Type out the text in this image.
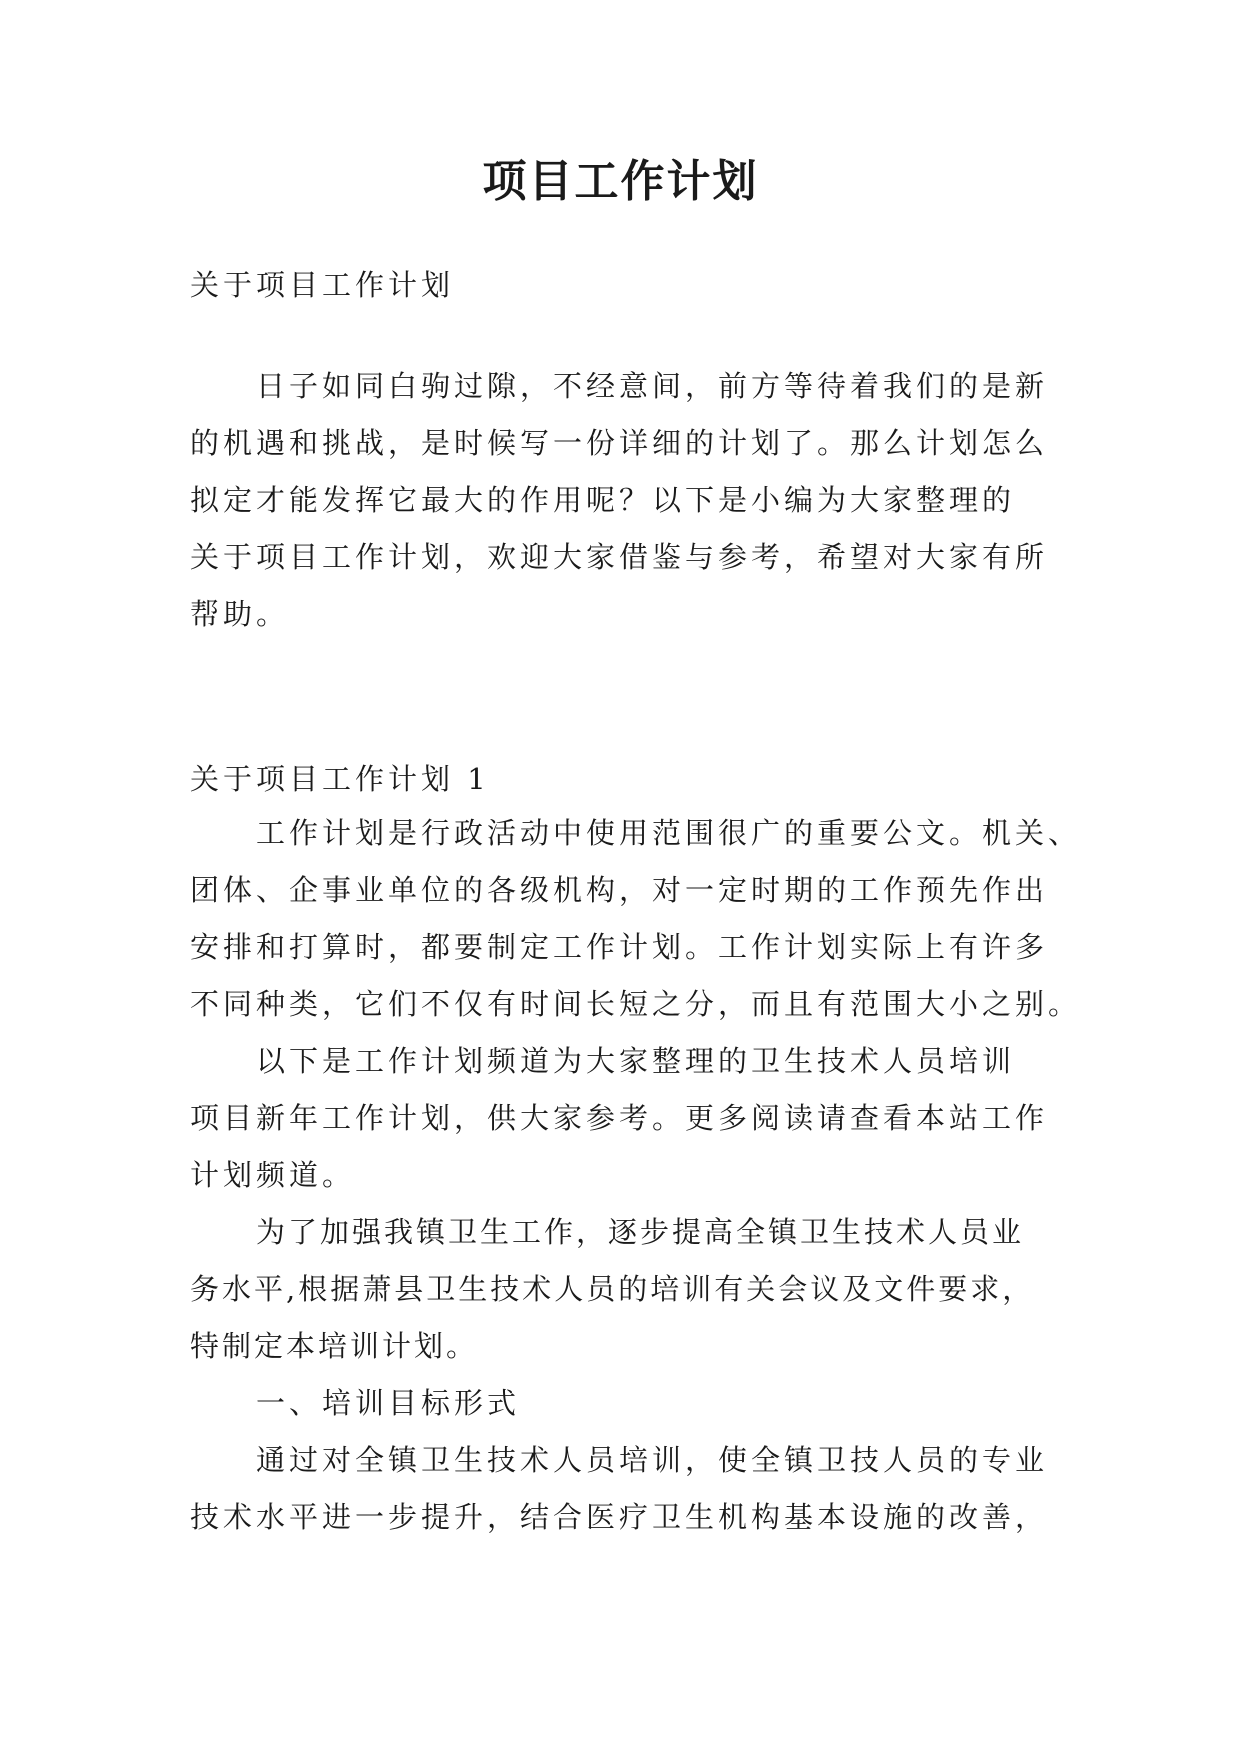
项目工作计划

关于项目工作计划

日子如同白驹过隙，不经意间，前方等待着我们的是新
的机遇和挑战，是时候写一份详细的计划了。那么计划怎么
拟定才能发挥它最大的作用呢？以下是小编为大家整理的
关于项目工作计划，欢迎大家借鉴与参考，希望对大家有所
帮助。

关于项目工作计划 1

工作计划是行政活动中使用范围很广的重要公文。机关、
团体、企事业单位的各级机构，对一定时期的工作预先作出
安排和打算时，都要制定工作计划。工作计划实际上有许多
不同种类，它们不仅有时间长短之分，而且有范围大小之别。
以下是工作计划频道为大家整理的卫生技术人员培训
项目新年工作计划，供大家参考。更多阅读请查看本站工作
计划频道。
为了加强我镇卫生工作，逐步提高全镇卫生技术人员业
务水平,根据萧县卫生技术人员的培训有关会议及文件要求，
特制定本培训计划。
一、培训目标形式
通过对全镇卫生技术人员培训，使全镇卫技人员的专业
技术水平进一步提升，结合医疗卫生机构基本设施的改善，
